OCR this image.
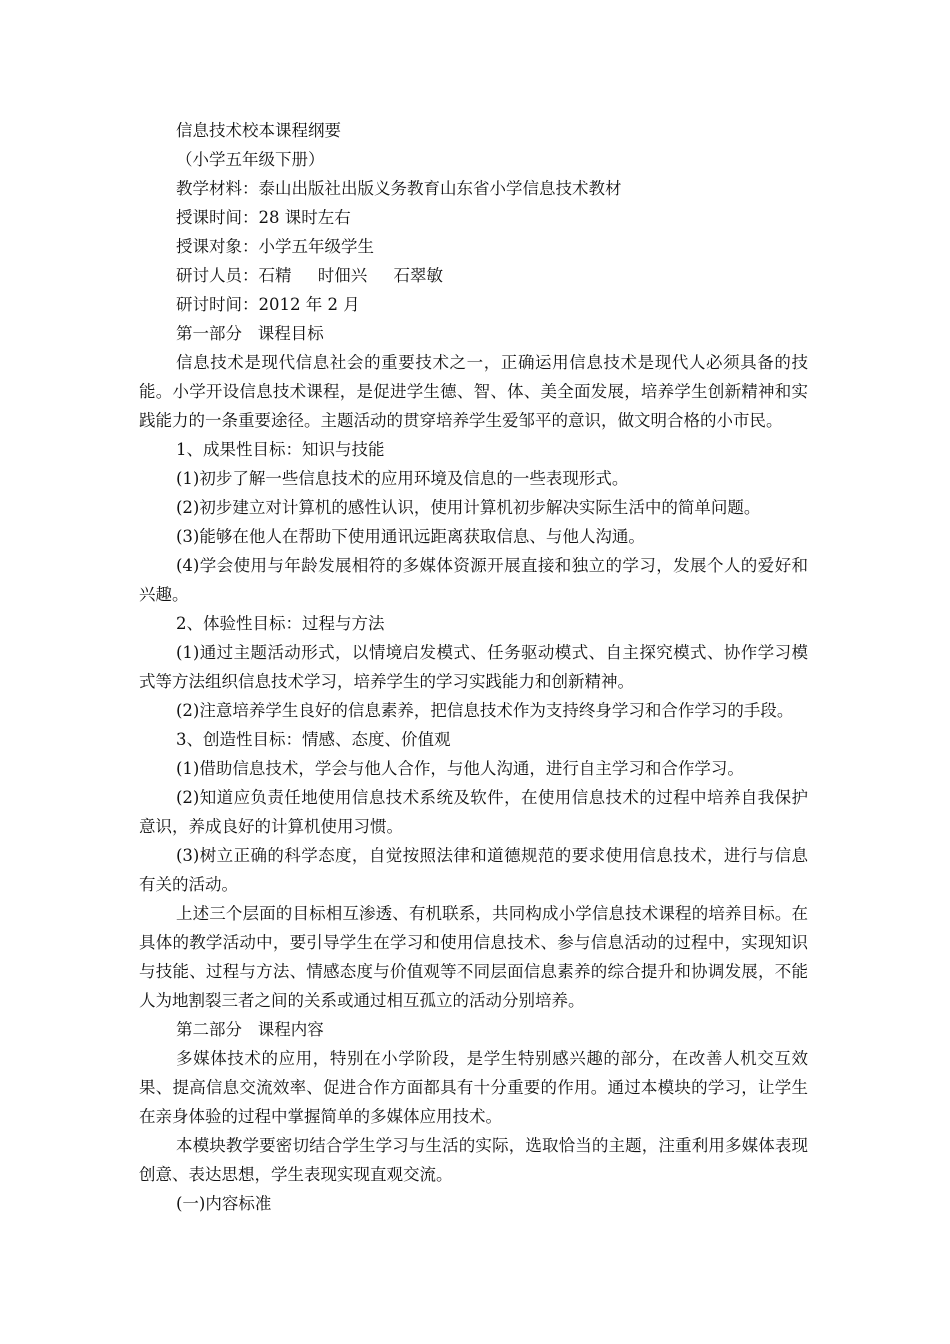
信息技术校本课程纲要

（小学五年级下册）

教学材料：泰山出版社出版义务教育山东省小学信息技术教材

授课时间：28 课时左右

授课对象：小学五年级学生

研讨人员：石精     时佃兴     石翠敏

研讨时间：2012 年 2 月

第一部分   课程目标

信息技术是现代信息社会的重要技术之一，正确运用信息技术是现代人必须具备的技能。小学开设信息技术课程，是促进学生德、智、体、美全面发展，培养学生创新精神和实践能力的一条重要途径。主题活动的贯穿培养学生爱邹平的意识，做文明合格的小市民。

1、成果性目标：知识与技能

(1)初步了解一些信息技术的应用环境及信息的一些表现形式。

(2)初步建立对计算机的感性认识，使用计算机初步解决实际生活中的简单问题。

(3)能够在他人在帮助下使用通讯远距离获取信息、与他人沟通。

(4)学会使用与年龄发展相符的多媒体资源开展直接和独立的学习，发展个人的爱好和兴趣。

2、体验性目标：过程与方法

(1)通过主题活动形式，以情境启发模式、任务驱动模式、自主探究模式、协作学习模式等方法组织信息技术学习，培养学生的学习实践能力和创新精神。

(2)注意培养学生良好的信息素养，把信息技术作为支持终身学习和合作学习的手段。

3、创造性目标：情感、态度、价值观

(1)借助信息技术，学会与他人合作，与他人沟通，进行自主学习和合作学习。

(2)知道应负责任地使用信息技术系统及软件，在使用信息技术的过程中培养自我保护意识，养成良好的计算机使用习惯。

(3)树立正确的科学态度，自觉按照法律和道德规范的要求使用信息技术，进行与信息有关的活动。

上述三个层面的目标相互渗透、有机联系，共同构成小学信息技术课程的培养目标。在具体的教学活动中，要引导学生在学习和使用信息技术、参与信息活动的过程中，实现知识与技能、过程与方法、情感态度与价值观等不同层面信息素养的综合提升和协调发展，不能人为地割裂三者之间的关系或通过相互孤立的活动分别培养。

第二部分   课程内容

多媒体技术的应用，特别在小学阶段，是学生特别感兴趣的部分，在改善人机交互效果、提高信息交流效率、促进合作方面都具有十分重要的作用。通过本模块的学习，让学生在亲身体验的过程中掌握简单的多媒体应用技术。

本模块教学要密切结合学生学习与生活的实际，选取恰当的主题，注重利用多媒体表现创意、表达思想，学生表现实现直观交流。

(一)内容标准
